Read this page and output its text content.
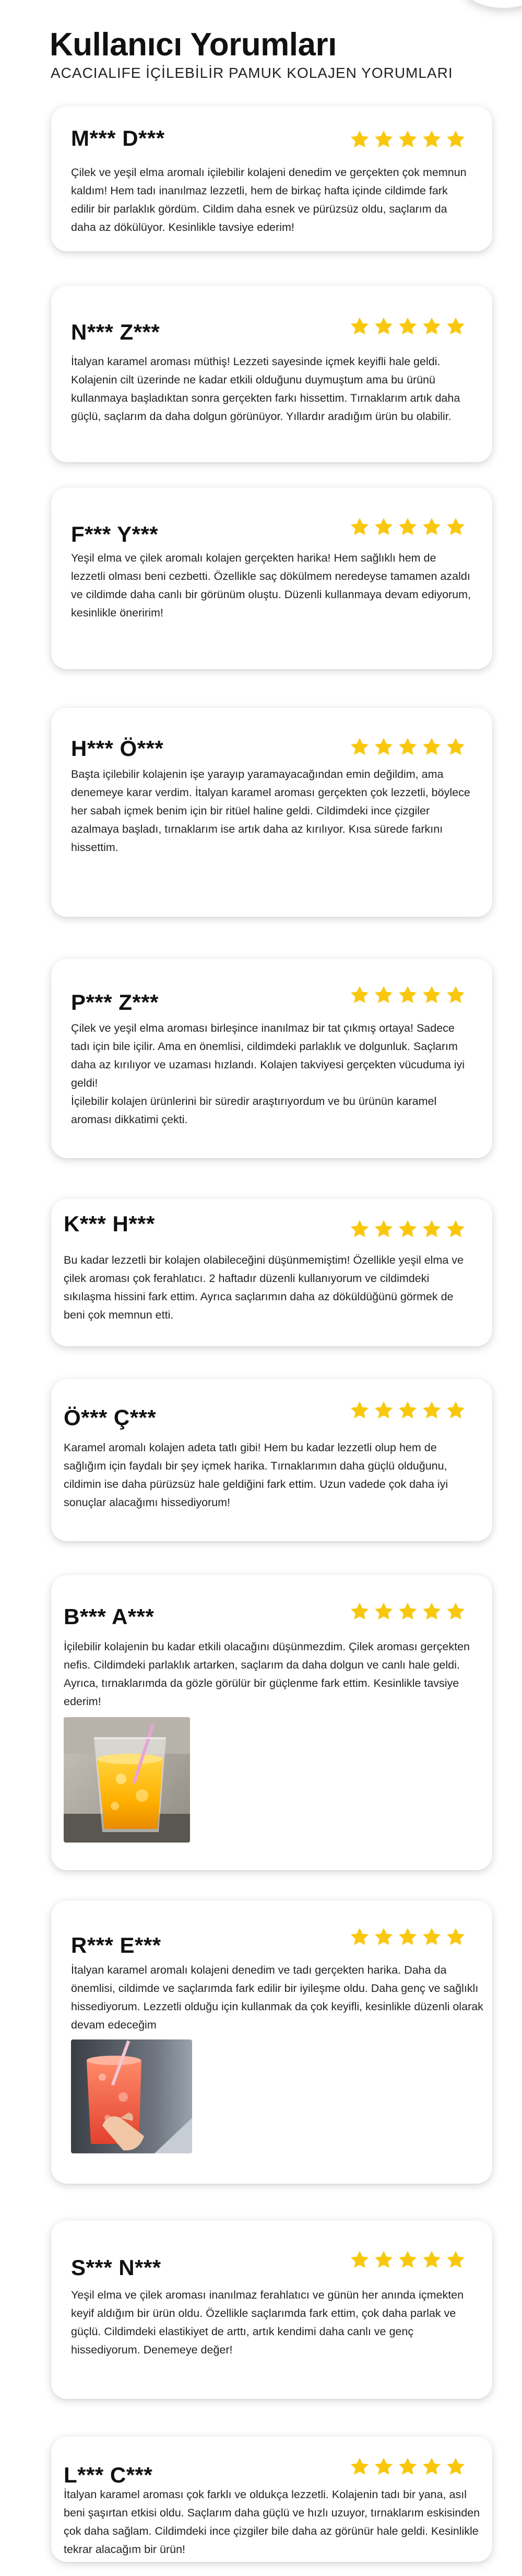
Kullanıcı Yorumları
ACACIALIFE İÇİLEBİLİR PAMUK KOLAJEN YORUMLARI
M*** D***
Çilek ve yeşil elma aromalı içilebilir kolajeni denedim ve gerçekten çok memnun kaldım! Hem tadı inanılmaz lezzetli, hem de birkaç hafta içinde cildimde fark edilir bir parlaklık gördüm. Cildim daha esnek ve pürüzsüz oldu, saçlarım da daha az dökülüyor. Kesinlikle tavsiye ederim!
N*** Z***
İtalyan karamel aroması müthiş! Lezzeti sayesinde içmek keyifli hale geldi. Kolajenin cilt üzerinde ne kadar etkili olduğunu duymuştum ama bu ürünü kullanmaya başladıktan sonra gerçekten farkı hissettim. Tırnaklarım artık daha güçlü, saçlarım da daha dolgun görünüyor. Yıllardır aradığım ürün bu olabilir.
F*** Y***
Yeşil elma ve çilek aromalı kolajen gerçekten harika! Hem sağlıklı hem de lezzetli olması beni cezbetti. Özellikle saç dökülmem neredeyse tamamen azaldı ve cildimde daha canlı bir görünüm oluştu. Düzenli kullanmaya devam ediyorum, kesinlikle öneririm!
H*** Ö***
Başta içilebilir kolajenin işe yarayıp yaramayacağından emin değildim, ama denemeye karar verdim. İtalyan karamel aroması gerçekten çok lezzetli, böylece her sabah içmek benim için bir ritüel haline geldi. Cildimdeki ince çizgiler azalmaya başladı, tırnaklarım ise artık daha az kırılıyor. Kısa sürede farkını hissettim.
P*** Z***
Çilek ve yeşil elma aroması birleşince inanılmaz bir tat çıkmış ortaya! Sadece tadı için bile içilir. Ama en önemlisi, cildimdeki parlaklık ve dolgunluk. Saçlarım daha az kırılıyor ve uzaması hızlandı. Kolajen takviyesi gerçekten vücuduma iyi geldi!
İçilebilir kolajen ürünlerini bir süredir araştırıyordum ve bu ürünün karamel aroması dikkatimi çekti.
K*** H***
Bu kadar lezzetli bir kolajen olabileceğini düşünmemiştim! Özellikle yeşil elma ve çilek aroması çok ferahlatıcı. 2 haftadır düzenli kullanıyorum ve cildimdeki sıkılaşma hissini fark ettim. Ayrıca saçlarımın daha az döküldüğünü görmek de beni çok memnun etti.
Ö*** Ç***
Karamel aromalı kolajen adeta tatlı gibi! Hem bu kadar lezzetli olup hem de sağlığım için faydalı bir şey içmek harika. Tırnaklarımın daha güçlü olduğunu, cildimin ise daha pürüzsüz hale geldiğini fark ettim. Uzun vadede çok daha iyi sonuçlar alacağımı hissediyorum!
B*** A***
İçilebilir kolajenin bu kadar etkili olacağını düşünmezdim. Çilek aroması gerçekten nefis. Cildimdeki parlaklık artarken, saçlarım da daha dolgun ve canlı hale geldi. Ayrıca, tırnaklarımda da gözle görülür bir güçlenme fark ettim. Kesinlikle tavsiye ederim!
R*** E***
İtalyan karamel aromalı kolajeni denedim ve tadı gerçekten harika. Daha da önemlisi, cildimde ve saçlarımda fark edilir bir iyileşme oldu. Daha genç ve sağlıklı hissediyorum. Lezzetli olduğu için kullanmak da çok keyifli, kesinlikle düzenli olarak devam edeceğim
S*** N***
Yeşil elma ve çilek aroması inanılmaz ferahlatıcı ve günün her anında içmekten keyif aldığım bir ürün oldu. Özellikle saçlarımda fark ettim, çok daha parlak ve güçlü. Cildimdeki elastikiyet de arttı, artık kendimi daha canlı ve genç hissediyorum. Denemeye değer!
L*** C***
İtalyan karamel aroması çok farklı ve oldukça lezzetli. Kolajenin tadı bir yana, asıl beni şaşırtan etkisi oldu. Saçlarım daha güçlü ve hızlı uzuyor, tırnaklarım eskisinden çok daha sağlam. Cildimdeki ince çizgiler bile daha az görünür hale geldi. Kesinlikle tekrar alacağım bir ürün!
